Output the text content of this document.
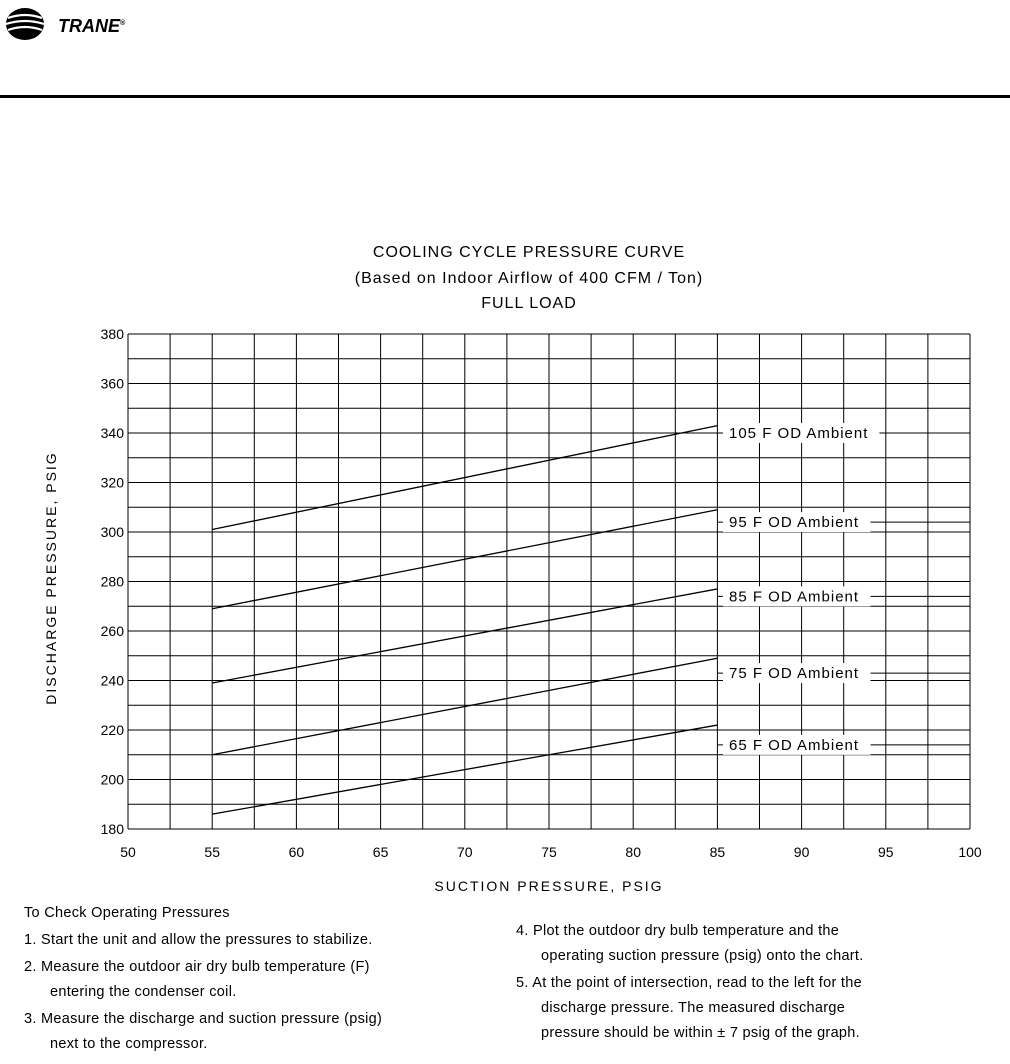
TRANE®
COOLING CYCLE PRESSURE CURVE
(Based on Indoor Airflow of 400 CFM / Ton)
FULL LOAD
50	55	60	65	70	75	80	85	90	95	100
180
200
220
240
260
280
300
320
340
360
380
105 F OD Ambient
95 F OD Ambient
85 F OD Ambient
75 F OD Ambient
65 F OD Ambient
SUCTION PRESSURE, PSIG
DISCHARGE PRESSURE, PSIG
To Check Operating Pressures
1. Start the unit and allow the pressures to stabilize.
2. Measure the outdoor air dry bulb temperature (F)
entering the condenser coil.
3. Measure the discharge and suction pressure (psig)
next to the compressor.
4. Plot the outdoor dry bulb temperature and the
operating suction pressure (psig) onto the chart.
5. At the point of intersection, read to the left for the
discharge pressure. The measured discharge
pressure should be within ± 7 psig of the graph.
